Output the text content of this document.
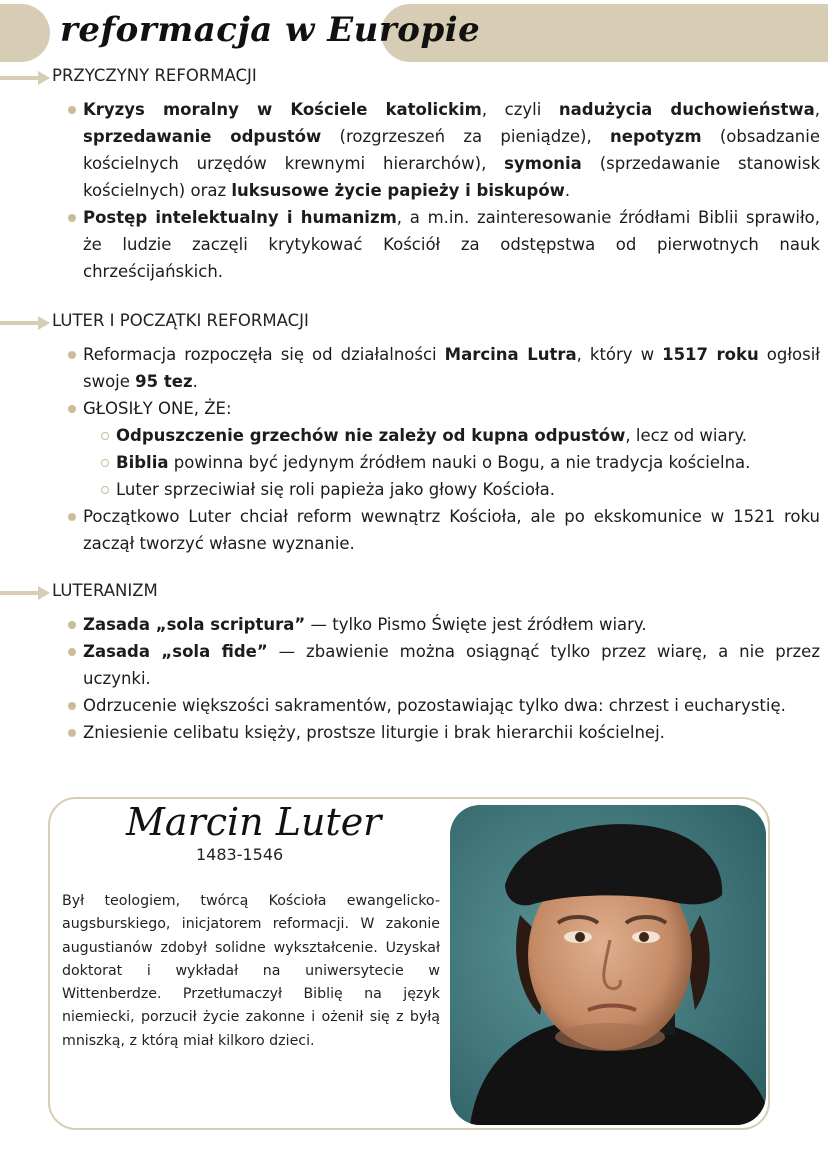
reformacja w Europie
PRZYCZYNY REFORMACJI
Kryzys moralny w Kościele katolickim, czyli nadużycia duchowieństwa, sprzedawanie odpustów (rozgrzeszeń za pieniądze), nepotyzm (obsadzanie kościelnych urzędów krewnymi hierarchów), symonia (sprzedawanie stanowisk kościelnych) oraz luksusowe życie papieży i biskupów.
Postęp intelektualny i humanizm, a m.in. zainteresowanie źródłami Biblii sprawiło, że ludzie zaczęli krytykować Kościół za odstępstwa od pierwotnych nauk chrześcijańskich.
LUTER I POCZĄTKI REFORMACJI
Reformacja rozpoczęła się od działalności Marcina Lutra, który w 1517 roku ogłosił swoje 95 tez.
GŁOSIŁY ONE, ŻE:
Odpuszczenie grzechów nie zależy od kupna odpustów, lecz od wiary.
Biblia powinna być jedynym źródłem nauki o Bogu, a nie tradycja kościelna.
Luter sprzeciwiał się roli papieża jako głowy Kościoła.
Początkowo Luter chciał reform wewnątrz Kościoła, ale po ekskomunice w 1521 roku zaczął tworzyć własne wyznanie.
LUTERANIZM
Zasada „sola scriptura” — tylko Pismo Święte jest źródłem wiary.
Zasada „sola fide” — zbawienie można osiągnąć tylko przez wiarę, a nie przez uczynki.
Odrzucenie większości sakramentów, pozostawiając tylko dwa: chrzest i eucharystię.
Zniesienie celibatu księży, prostsze liturgie i brak hierarchii kościelnej.
Marcin Luter
1483-1546
Był teologiem, twórcą Kościoła ewangelicko-augsburskiego, inicjatorem reformacji. W zakonie augustianów zdobył solidne wykształcenie. Uzyskał doktorat i wykładał na uniwersytecie w Wittenberdze. Przetłumaczył Biblię na język niemiecki, porzucił życie zakonne i ożenił się z byłą mniszką, z którą miał kilkoro dzieci.
